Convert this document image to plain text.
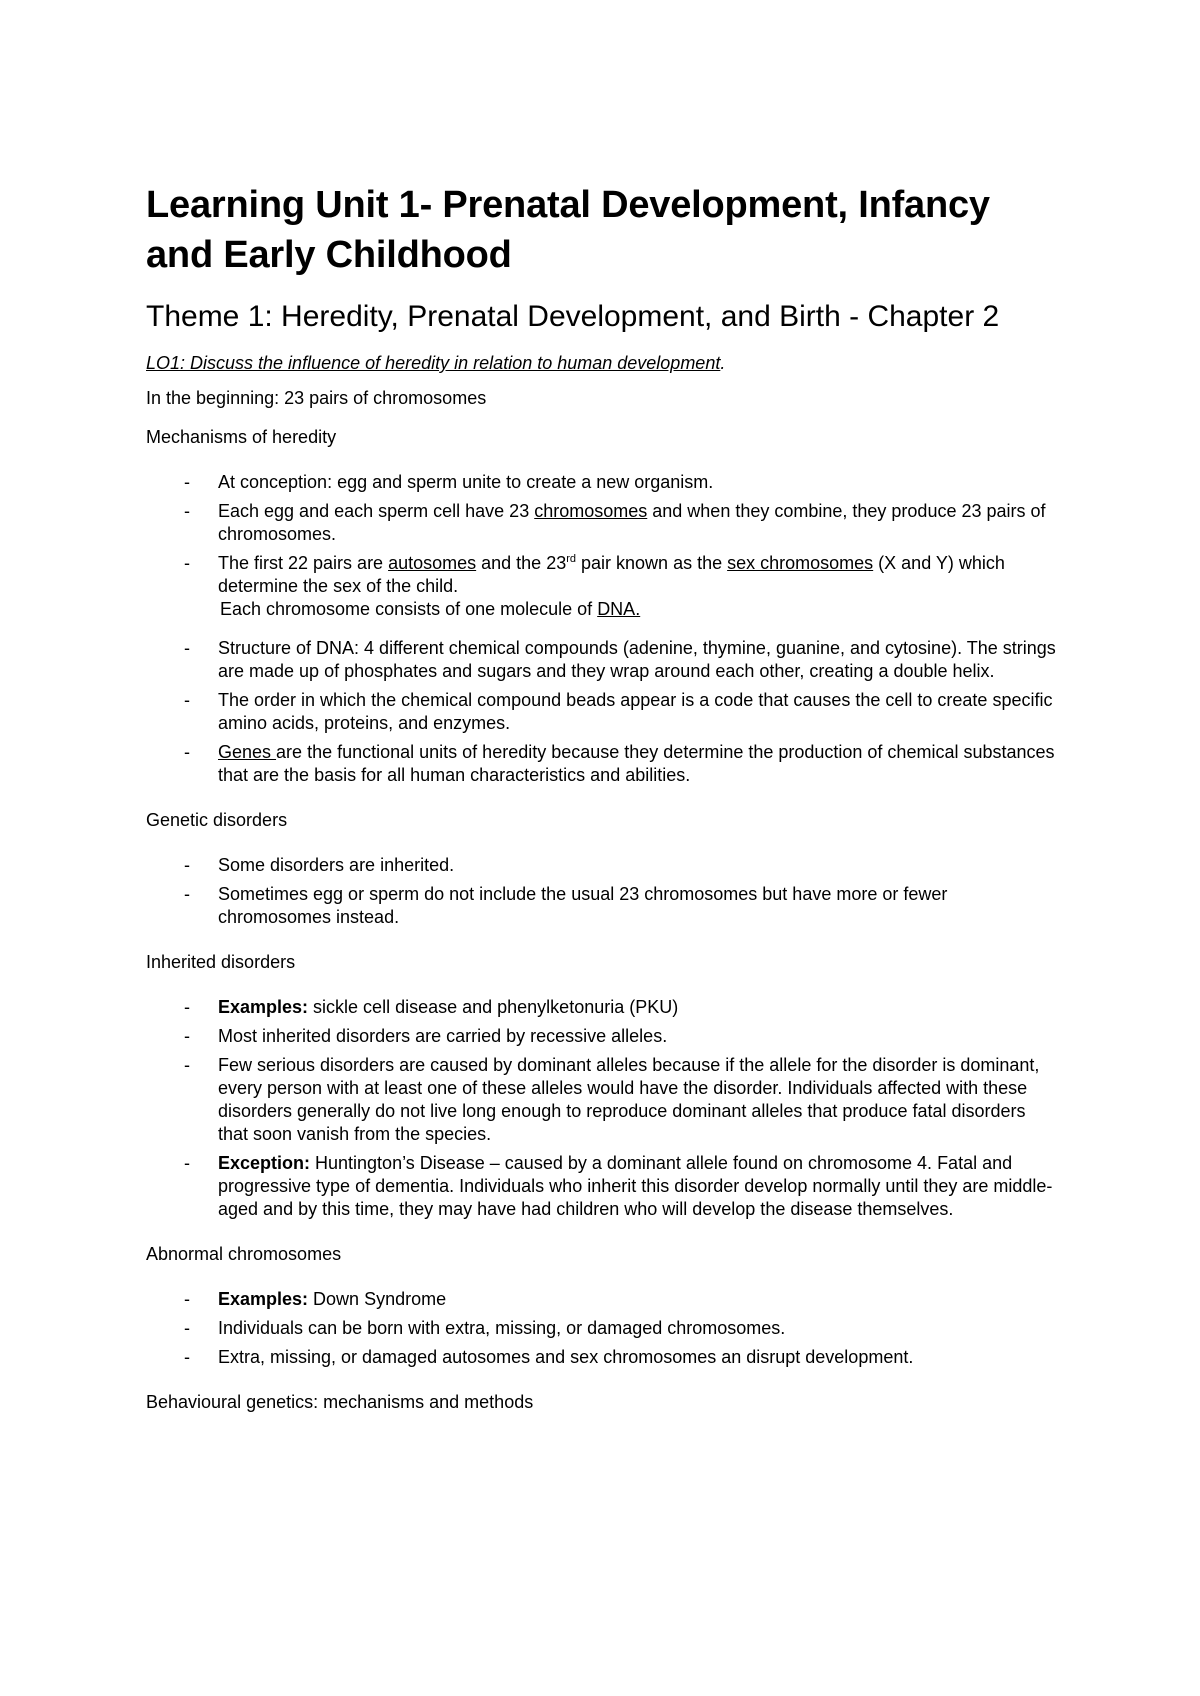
Learning Unit 1- Prenatal Development, Infancy and Early Childhood
Theme 1: Heredity, Prenatal Development, and Birth - Chapter 2

LO1: Discuss the influence of heredity in relation to human development.

In the beginning: 23 pairs of chromosomes

Mechanisms of heredity

- At conception: egg and sperm unite to create a new organism.
- Each egg and each sperm cell have 23 chromosomes and when they combine, they produce 23 pairs of chromosomes.
- The first 22 pairs are autosomes and the 23rd pair known as the sex chromosomes (X and Y) which determine the sex of the child.
Each chromosome consists of one molecule of DNA.
- Structure of DNA: 4 different chemical compounds (adenine, thymine, guanine, and cytosine). The strings are made up of phosphates and sugars and they wrap around each other, creating a double helix.
- The order in which the chemical compound beads appear is a code that causes the cell to create specific amino acids, proteins, and enzymes.
- Genes are the functional units of heredity because they determine the production of chemical substances that are the basis for all human characteristics and abilities.

Genetic disorders

- Some disorders are inherited.
- Sometimes egg or sperm do not include the usual 23 chromosomes but have more or fewer chromosomes instead.

Inherited disorders

- Examples: sickle cell disease and phenylketonuria (PKU)
- Most inherited disorders are carried by recessive alleles.
- Few serious disorders are caused by dominant alleles because if the allele for the disorder is dominant, every person with at least one of these alleles would have the disorder. Individuals affected with these disorders generally do not live long enough to reproduce dominant alleles that produce fatal disorders that soon vanish from the species.
- Exception: Huntington’s Disease – caused by a dominant allele found on chromosome 4. Fatal and progressive type of dementia. Individuals who inherit this disorder develop normally until they are middle-aged and by this time, they may have had children who will develop the disease themselves.

Abnormal chromosomes

- Examples: Down Syndrome
- Individuals can be born with extra, missing, or damaged chromosomes.
- Extra, missing, or damaged autosomes and sex chromosomes an disrupt development.

Behavioural genetics: mechanisms and methods
